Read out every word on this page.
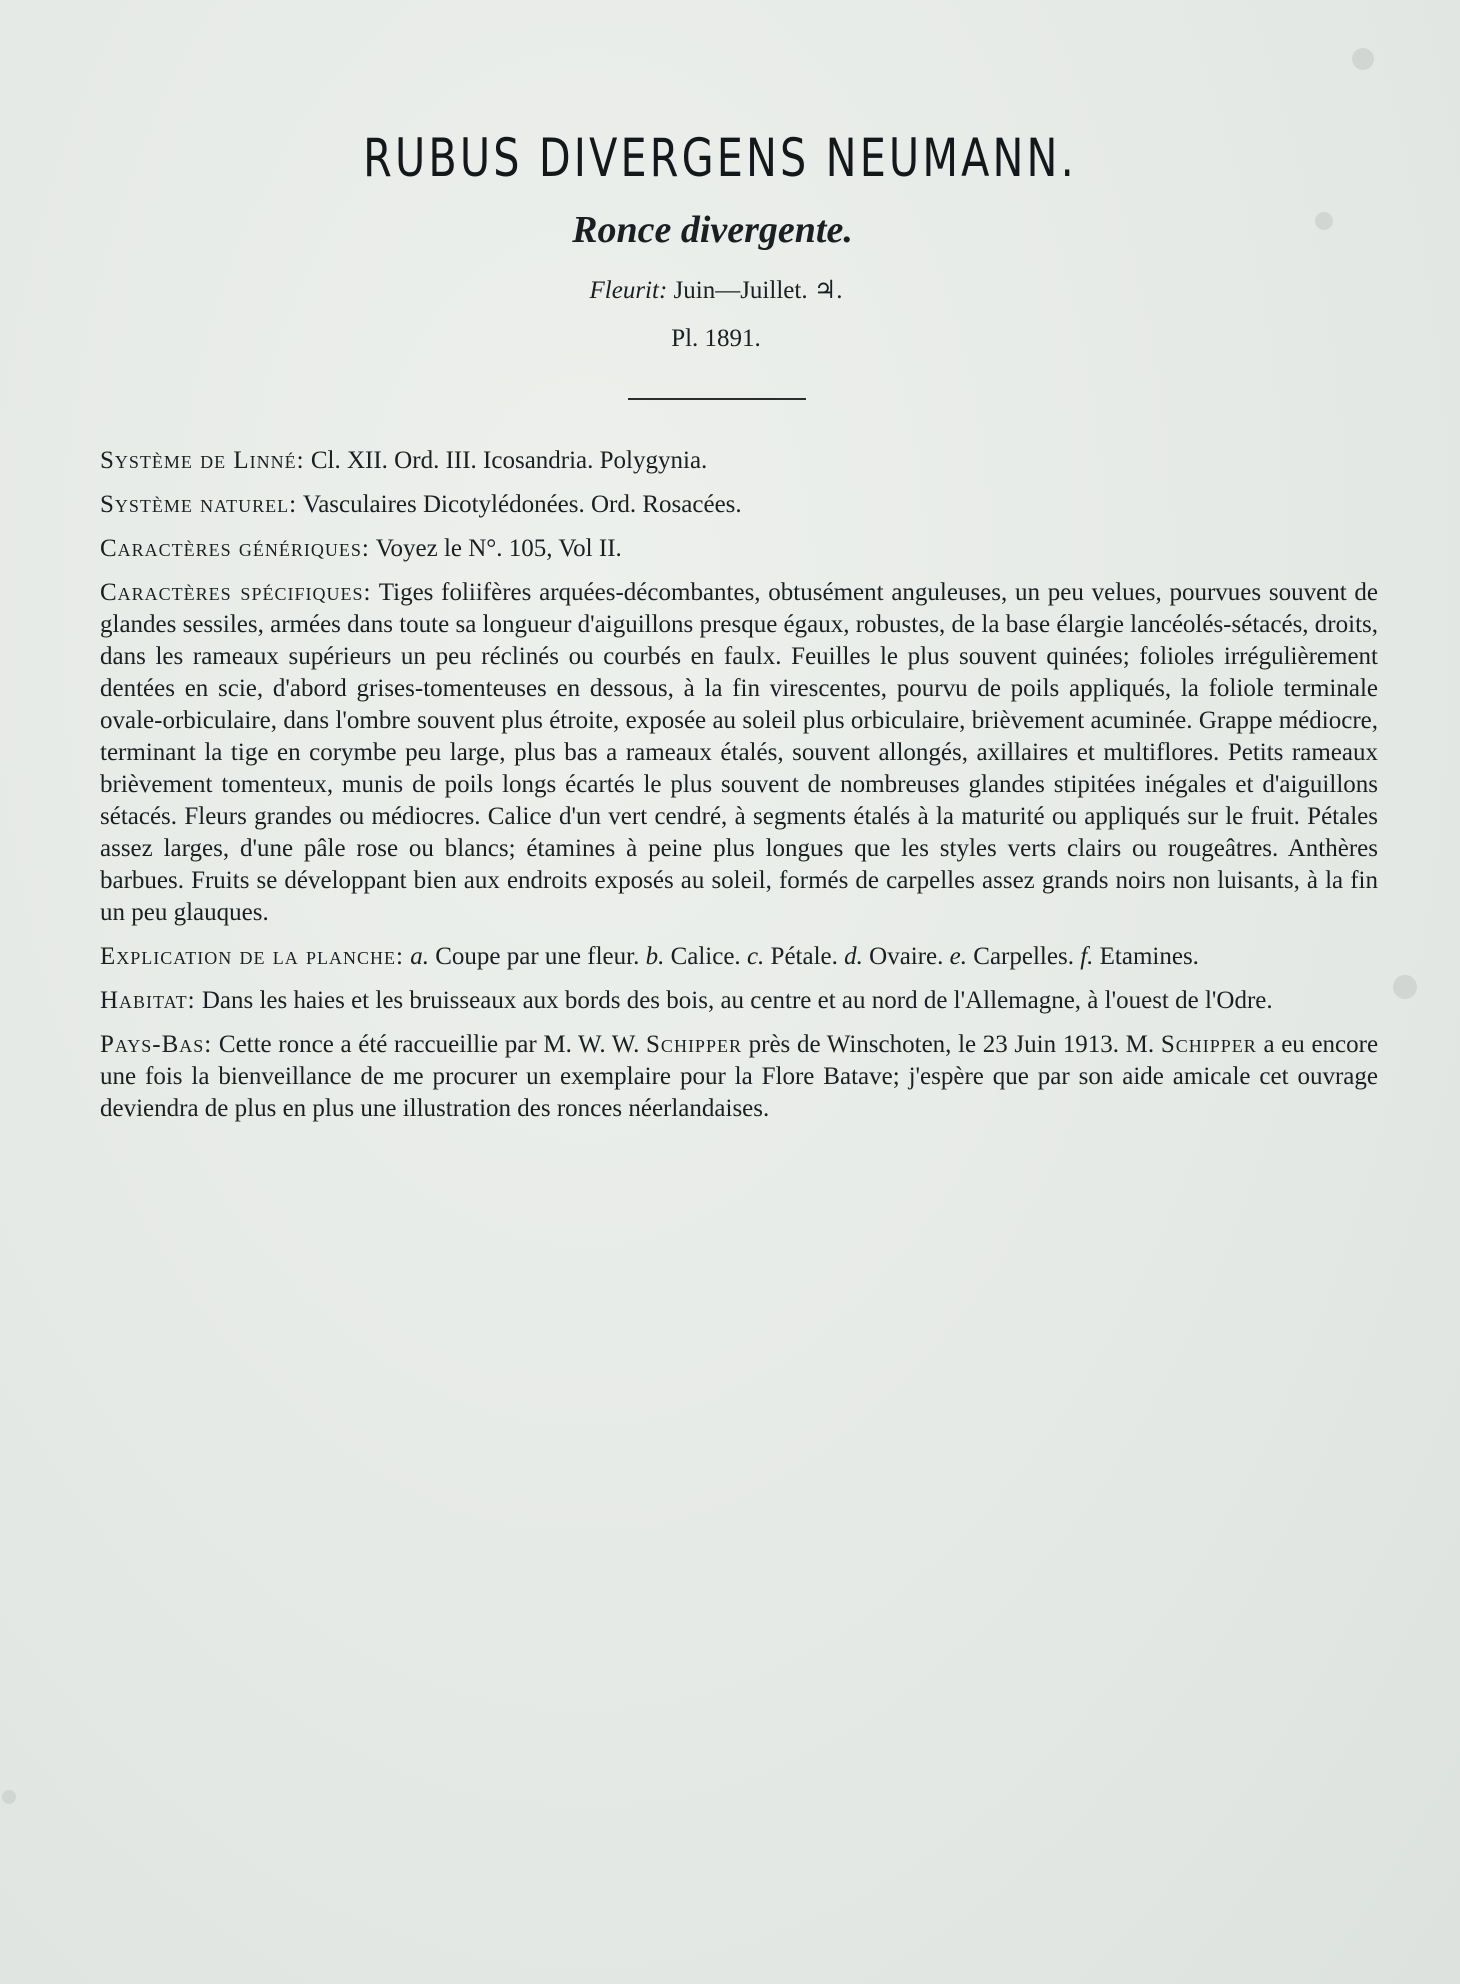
RUBUS DIVERGENS NEUMANN.
Ronce divergente.
Fleurit: Juin—Juillet. ♃.
Pl. 1891.

Système de Linné: Cl. XII. Ord. III. Icosandria. Polygynia.

Système naturel: Vasculaires Dicotylédonées. Ord. Rosacées.

Caractères génériques: Voyez le N°. 105, Vol II.

Caractères spécifiques: Tiges foliifères arquées-décombantes, obtusément anguleuses, un peu velues, pourvues souvent de glandes sessiles, armées dans toute sa longueur d'aiguillons presque égaux, robustes, de la base élargie lancéolés-sétacés, droits, dans les rameaux supérieurs un peu réclinés ou courbés en faulx. Feuilles le plus souvent quinées; folioles irrégulièrement dentées en scie, d'abord grises-tomenteuses en dessous, à la fin virescentes, pourvu de poils appliqués, la foliole terminale ovale-orbiculaire, dans l'ombre souvent plus étroite, exposée au soleil plus orbiculaire, brièvement acuminée. Grappe médiocre, terminant la tige en corymbe peu large, plus bas a rameaux étalés, souvent allongés, axillaires et multiflores. Petits rameaux brièvement tomenteux, munis de poils longs écartés le plus souvent de nombreuses glandes stipitées inégales et d'aiguillons sétacés. Fleurs grandes ou médiocres. Calice d'un vert cendré, à segments étalés à la maturité ou appliqués sur le fruit. Pétales assez larges, d'une pâle rose ou blancs; étamines à peine plus longues que les styles verts clairs ou rougeâtres. Anthères barbues. Fruits se développant bien aux endroits exposés au soleil, formés de carpelles assez grands noirs non luisants, à la fin un peu glauques.

Explication de la planche: a. Coupe par une fleur. b. Calice. c. Pétale. d. Ovaire. e. Carpelles. f. Etamines.

Habitat: Dans les haies et les bruisseaux aux bords des bois, au centre et au nord de l'Allemagne, à l'ouest de l'Odre.

Pays-Bas: Cette ronce a été raccueillie par M. W. W. Schipper près de Winschoten, le 23 Juin 1913. M. Schipper a eu encore une fois la bienveillance de me procurer un exemplaire pour la Flore Batave; j'espère que par son aide amicale cet ouvrage deviendra de plus en plus une illustration des ronces néerlandaises.
